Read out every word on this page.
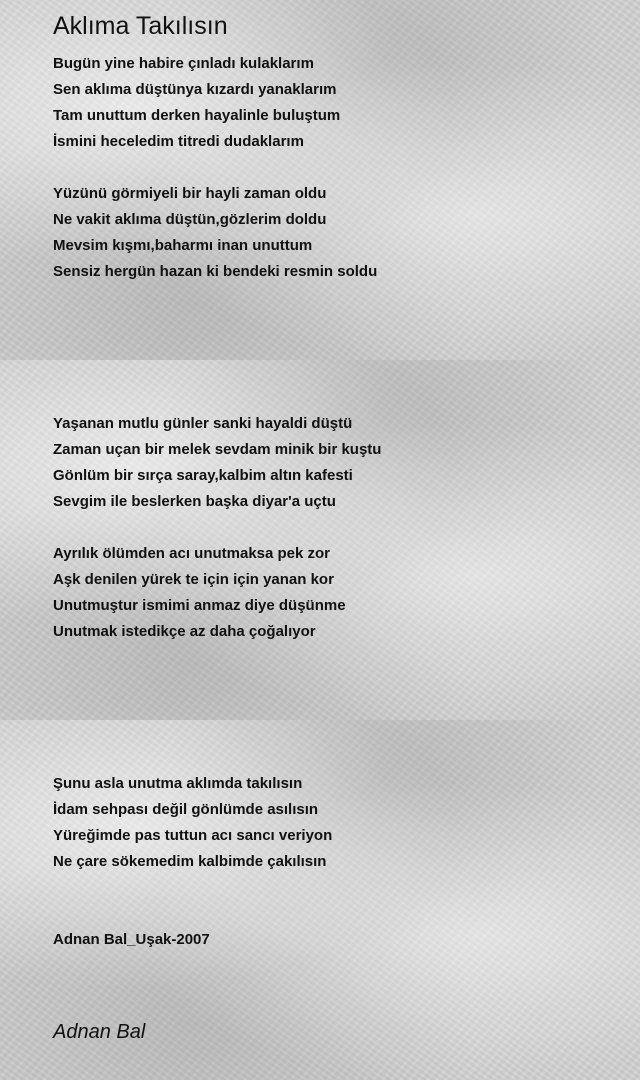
Aklıma Takılısın
Bugün yine habire çınladı kulaklarım
Sen aklıma düştünya kızardı yanaklarım
Tam unuttum derken hayalinle buluştum
İsmini heceledim titredi dudaklarım
Yüzünü görmiyeli bir hayli zaman oldu
Ne vakit aklıma düştün,gözlerim doldu
Mevsim kışmı,baharmı inan unuttum
Sensiz hergün hazan ki bendeki resmin soldu
Yaşanan mutlu günler sanki hayaldi düştü
Zaman uçan bir melek sevdam minik bir kuştu
Gönlüm bir sırça saray,kalbim altın kafesti
Sevgim ile beslerken başka diyar'a uçtu
Ayrılık ölümden acı unutmaksa pek zor
Aşk denilen yürek te için için yanan kor
Unutmuştur ismimi anmaz diye düşünme
Unutmak istedikçe az daha çoğalıyor
Şunu asla unutma aklımda takılısın
İdam sehpası değil gönlümde asılısın
Yüreğimde pas tuttun acı sancı veriyon
Ne çare sökemedim kalbimde çakılısın
Adnan Bal_Uşak-2007
Adnan Bal
